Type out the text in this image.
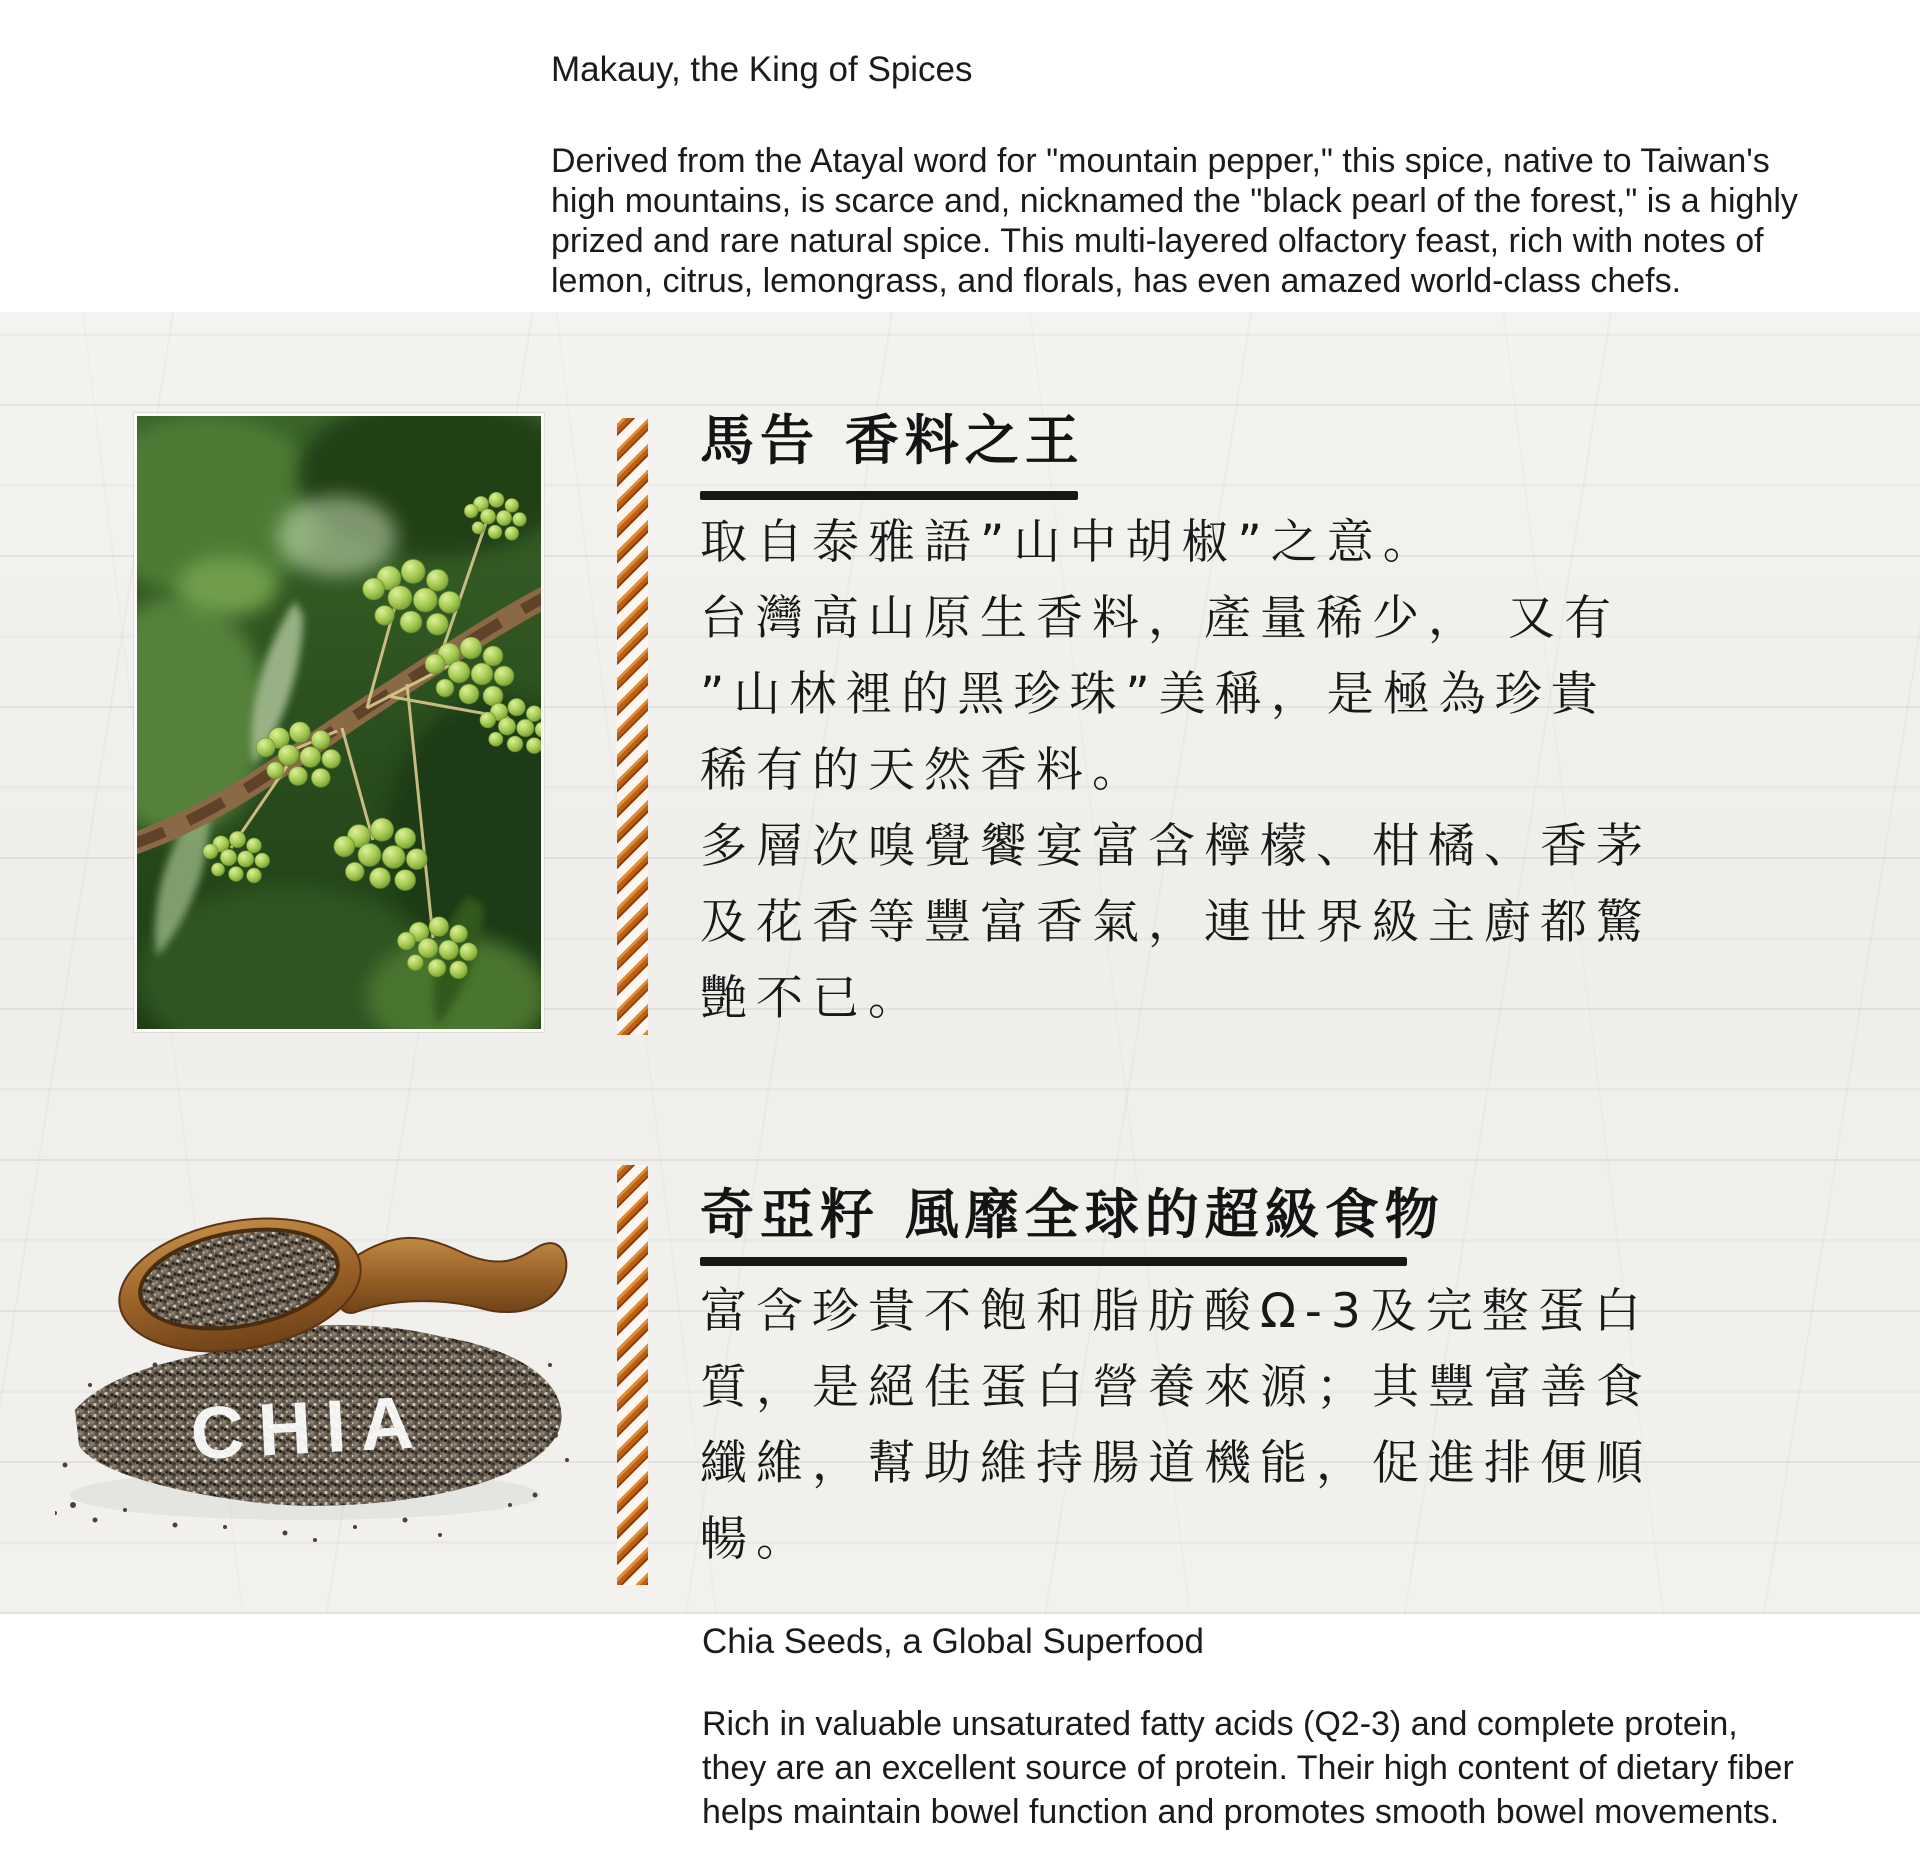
Makauy, the King of Spices
Derived from the Atayal word for "mountain pepper," this spice, native to Taiwan's
high mountains, is scarce and, nicknamed the "black pearl of the forest," is a highly
prized and rare natural spice. This multi-layered olfactory feast, rich with notes of
lemon, citrus, lemongrass, and florals, has even amazed world-class chefs.
馬告 香料之王
取自泰雅語”山中胡椒”之意。
台灣高山原生香料，產量稀少， 又有
”山林裡的黑珍珠”美稱，是極為珍貴
稀有的天然香料。
多層次嗅覺饗宴富含檸檬、柑橘、香茅
及花香等豐富香氣，連世界級主廚都驚
艷不已。
CHIA
奇亞籽 風靡全球的超級食物
富含珍貴不飽和脂肪酸Ω-3及完整蛋白
質，是絕佳蛋白營養來源；其豐富善食
纖維，幫助維持腸道機能，促進排便順
暢。
Chia Seeds, a Global Superfood
Rich in valuable unsaturated fatty acids (Q2-3) and complete protein,
they are an excellent source of protein. Their high content of dietary fiber
helps maintain bowel function and promotes smooth bowel movements.
